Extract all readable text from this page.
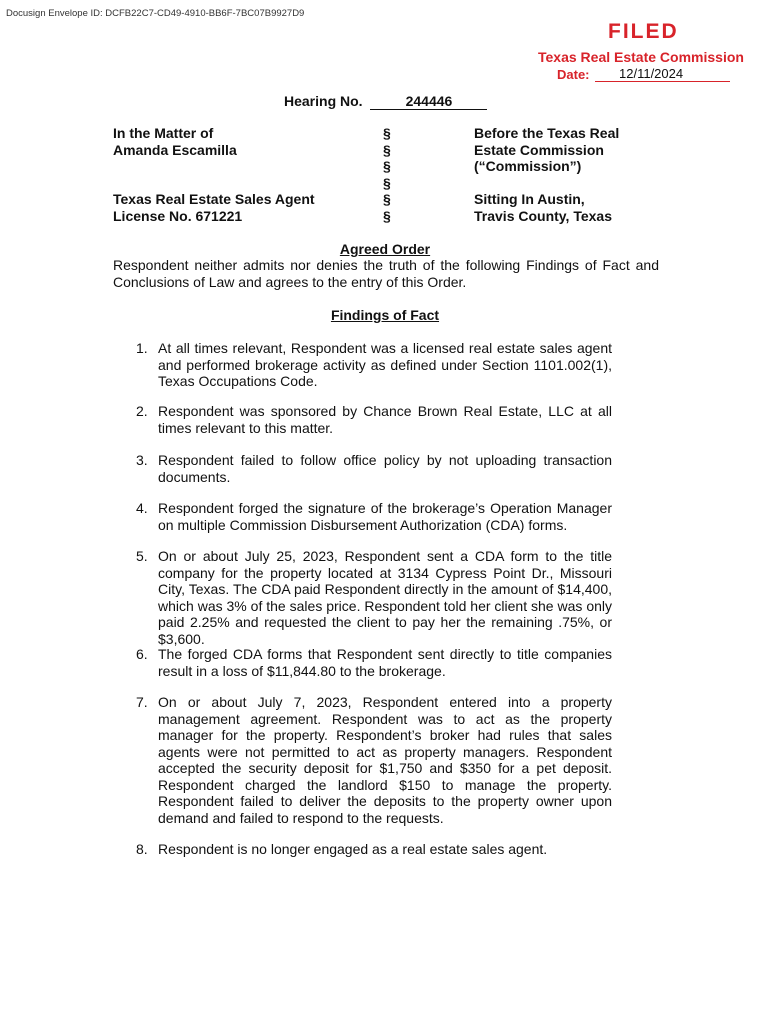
Docusign Envelope ID: DCFB22C7-CD49-4910-BB6F-7BC07B9927D9
FILED
Texas Real Estate Commission
Date: 12/11/2024
Hearing No.	244446
In the Matter of
Amanda Escamilla
Texas Real Estate Sales Agent
License No. 671221
§
§
§
§
§
§
Before the Texas Real
Estate Commission
(“Commission”)
Sitting In Austin,
Travis County, Texas
Agreed Order
Respondent neither admits nor denies the truth of the following Findings of Fact and Conclusions of Law and agrees to the entry of this Order.
Findings of Fact
1. At all times relevant, Respondent was a licensed real estate sales agent and performed brokerage activity as defined under Section 1101.002(1), Texas Occupations Code.
2. Respondent was sponsored by Chance Brown Real Estate, LLC at all times relevant to this matter.
3. Respondent failed to follow office policy by not uploading transaction documents.
4. Respondent forged the signature of the brokerage’s Operation Manager on multiple Commission Disbursement Authorization (CDA) forms.
5. On or about July 25, 2023, Respondent sent a CDA form to the title company for the property located at 3134 Cypress Point Dr., Missouri City, Texas. The CDA paid Respondent directly in the amount of $14,400, which was 3% of the sales price. Respondent told her client she was only paid 2.25% and requested the client to pay her the remaining .75%, or $3,600.
6. The forged CDA forms that Respondent sent directly to title companies result in a loss of $11,844.80 to the brokerage.
7. On or about July 7, 2023, Respondent entered into a property management agreement. Respondent was to act as the property manager for the property. Respondent’s broker had rules that sales agents were not permitted to act as property managers. Respondent accepted the security deposit for $1,750 and $350 for a pet deposit. Respondent charged the landlord $150 to manage the property. Respondent failed to deliver the deposits to the property owner upon demand and failed to respond to the requests.
8. Respondent is no longer engaged as a real estate sales agent.
